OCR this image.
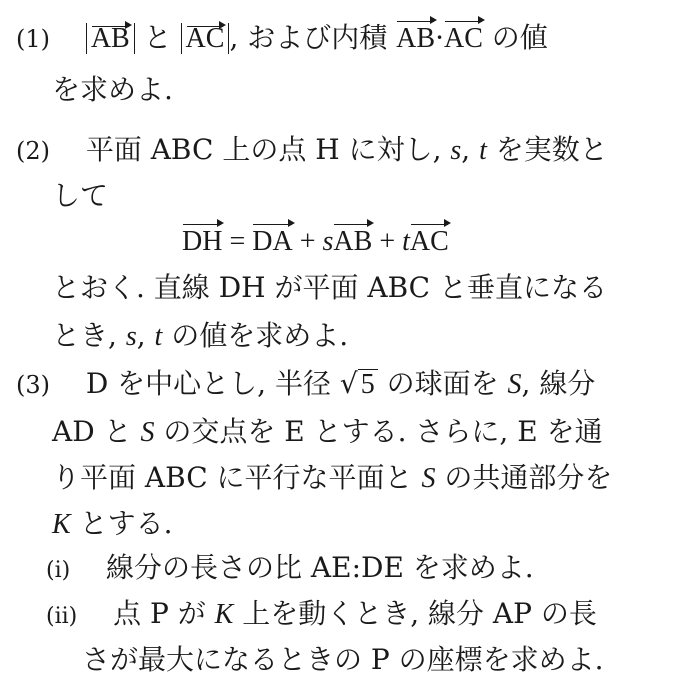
(1) AB と AC , および内積 AB·AC の値
を求めよ.
(2) 平面 ABC 上の点 H に対し, s, t を実数と
して
DH = DA + sAB + tAC
とおく. 直線 DH が平面 ABC と垂直になる
とき, s, t の値を求めよ.
(3) D を中心とし, 半径 √ 5 の球面を S, 線分
AD と S の交点を E とする. さらに, E を通
り平面 ABC に平行な平面と S の共通部分を
K とする.
(i) 線分の長さの比 AE:DE を求めよ.
(ii) 点 P が K 上を動くとき, 線分 AP の長
さが最大になるときの P の座標を求めよ.
